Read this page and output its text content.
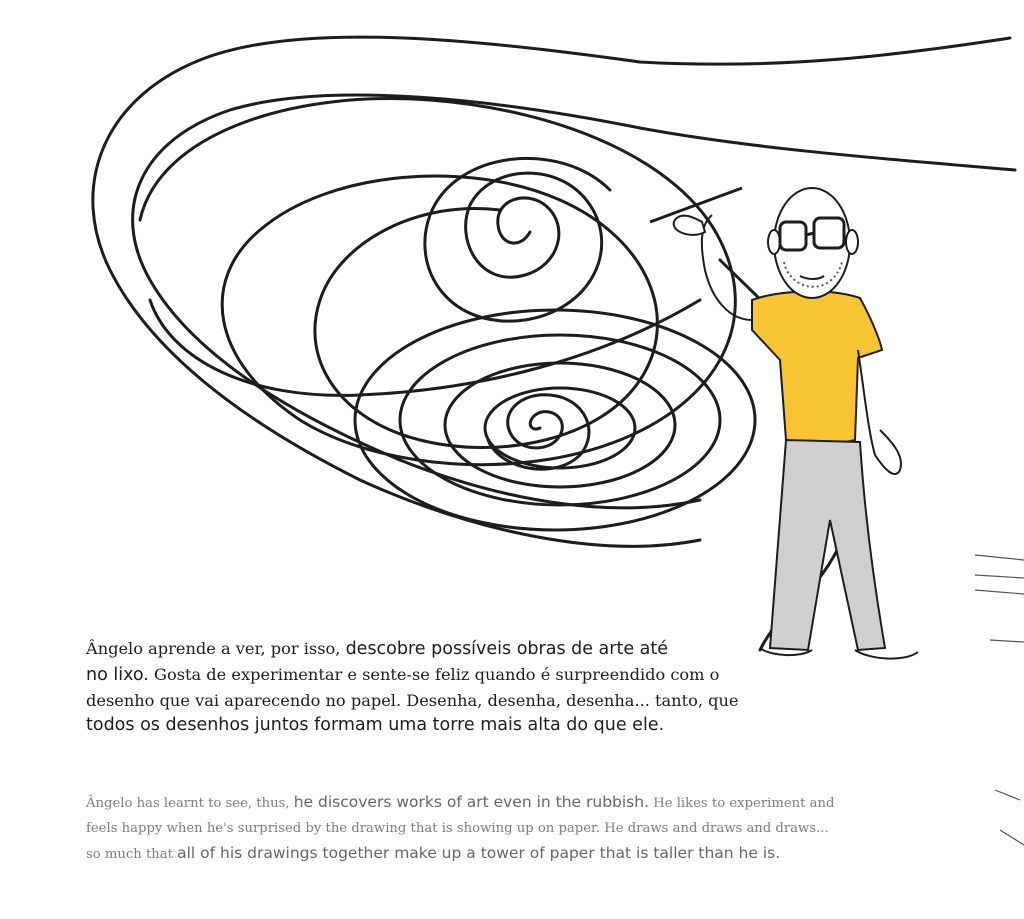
Ângelo aprende a ver, por isso, descobre possíveis obras de arte até
no lixo. Gosta de experimentar e sente-se feliz quando é surpreendido com o
desenho que vai aparecendo no papel. Desenha, desenha, desenha... tanto, que
todos os desenhos juntos formam uma torre mais alta do que ele.
Ângelo has learnt to see, thus, he discovers works of art even in the rubbish. He likes to experiment and
feels happy when he's surprised by the drawing that is showing up on paper. He draws and draws and draws...
so much that all of his drawings together make up a tower of paper that is taller than he is.
